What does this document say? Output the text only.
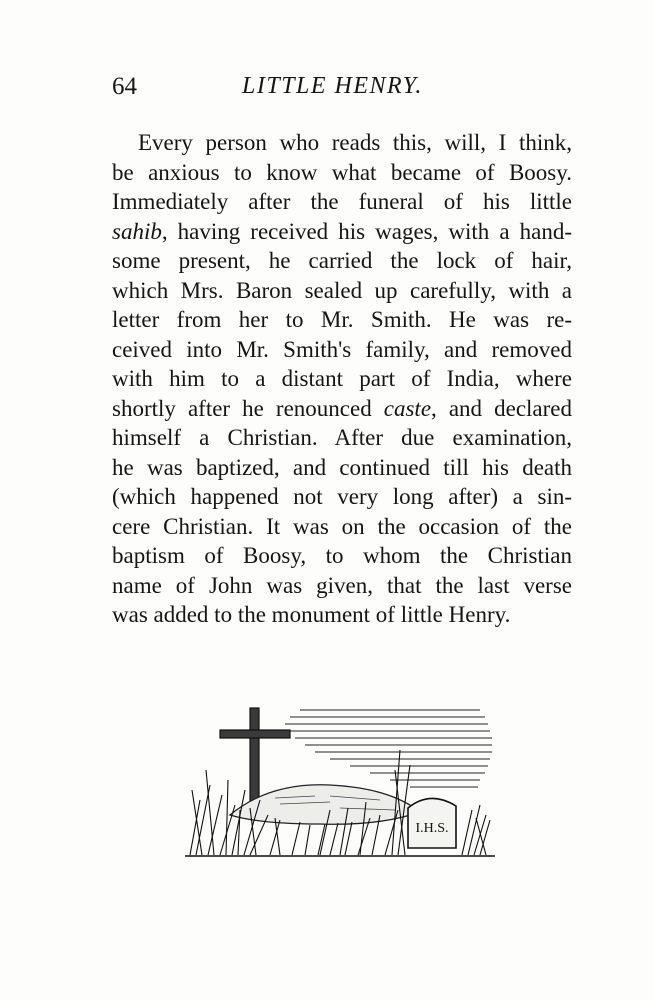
64	LITTLE HENRY.
Every person who reads this, will, I think,
be anxious to know what became of Boosy.
Immediately after the funeral of his little
sahib, having received his wages, with a hand-
some present, he carried the lock of hair,
which Mrs. Baron sealed up carefully, with a
letter from her to Mr. Smith. He was re-
ceived into Mr. Smith's family, and removed
with him to a distant part of India, where
shortly after he renounced caste, and declared
himself a Christian. After due examination,
he was baptized, and continued till his death
(which happened not very long after) a sin-
cere Christian. It was on the occasion of the
baptism of Boosy, to whom the Christian
name of John was given, that the last verse
was added to the monument of little Henry.
I.H.S.
